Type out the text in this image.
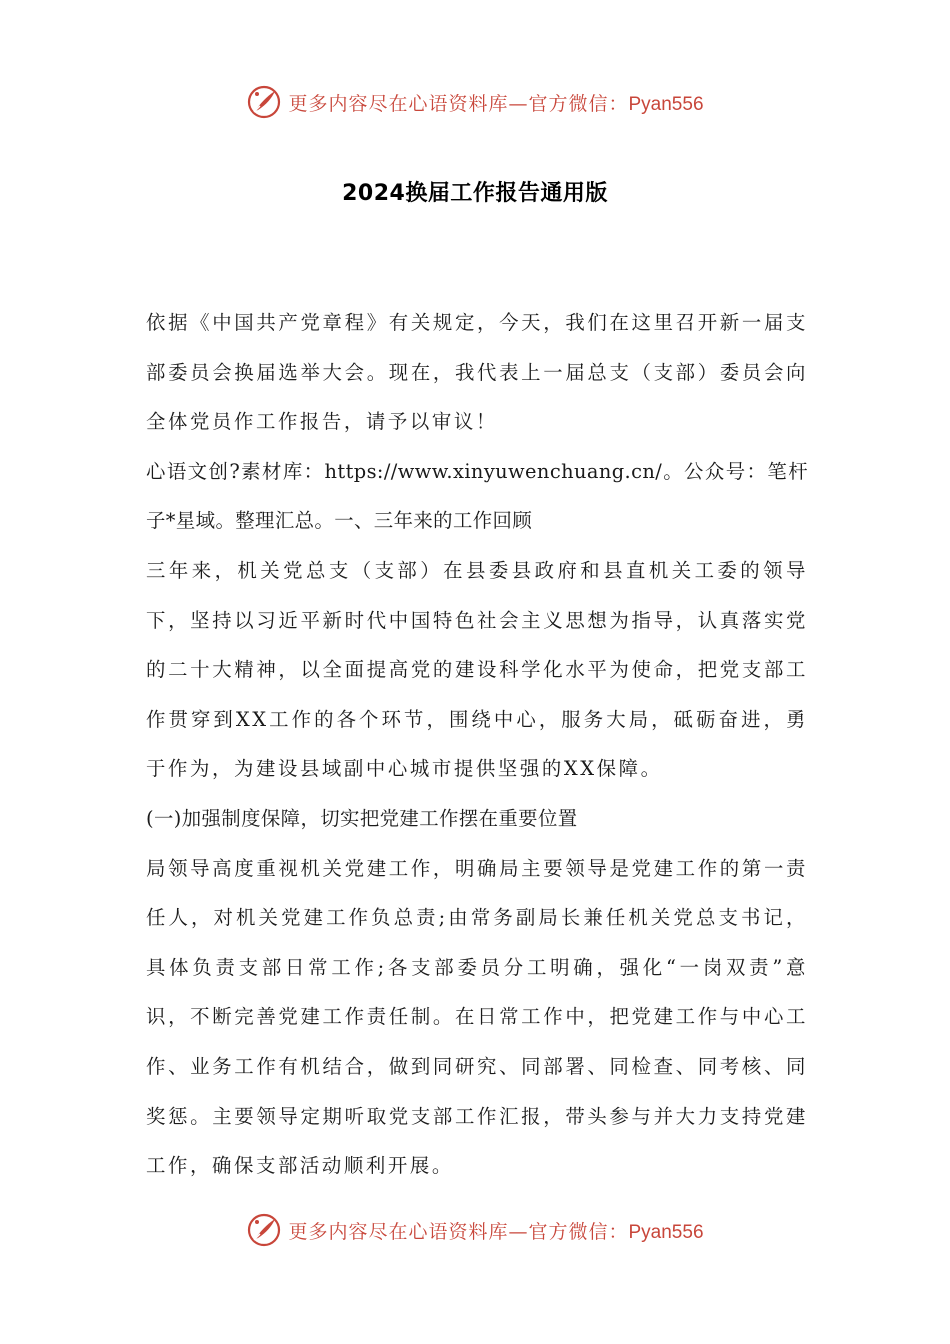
更多内容尽在心语资料库—官方微信：Pyan556
2024换届工作报告通用版

依据《中国共产党章程》有关规定，今天，我们在这里召开新一届支部委员会换届选举大会。现在，我代表上一届总支（支部）委员会向全体党员作工作报告，请予以审议！

心语文创?素材库：https://www.xinyuwenchuang.cn/。公众号：笔杆子*星域。整理汇总。一、三年来的工作回顾

三年来，机关党总支（支部）在县委县政府和县直机关工委的领导下，坚持以习近平新时代中国特色社会主义思想为指导，认真落实党的二十大精神，以全面提高党的建设科学化水平为使命，把党支部工作贯穿到XX工作的各个环节，围绕中心，服务大局，砥砺奋进，勇于作为，为建设县域副中心城市提供坚强的XX保障。

(一)加强制度保障，切实把党建工作摆在重要位置

局领导高度重视机关党建工作，明确局主要领导是党建工作的第一责任人，对机关党建工作负总责;由常务副局长兼任机关党总支书记，具体负责支部日常工作;各支部委员分工明确，强化“一岗双责”意识，不断完善党建工作责任制。在日常工作中，把党建工作与中心工作、业务工作有机结合，做到同研究、同部署、同检查、同考核、同奖惩。主要领导定期听取党支部工作汇报，带头参与并大力支持党建工作，确保支部活动顺利开展。

更多内容尽在心语资料库—官方微信：Pyan556
